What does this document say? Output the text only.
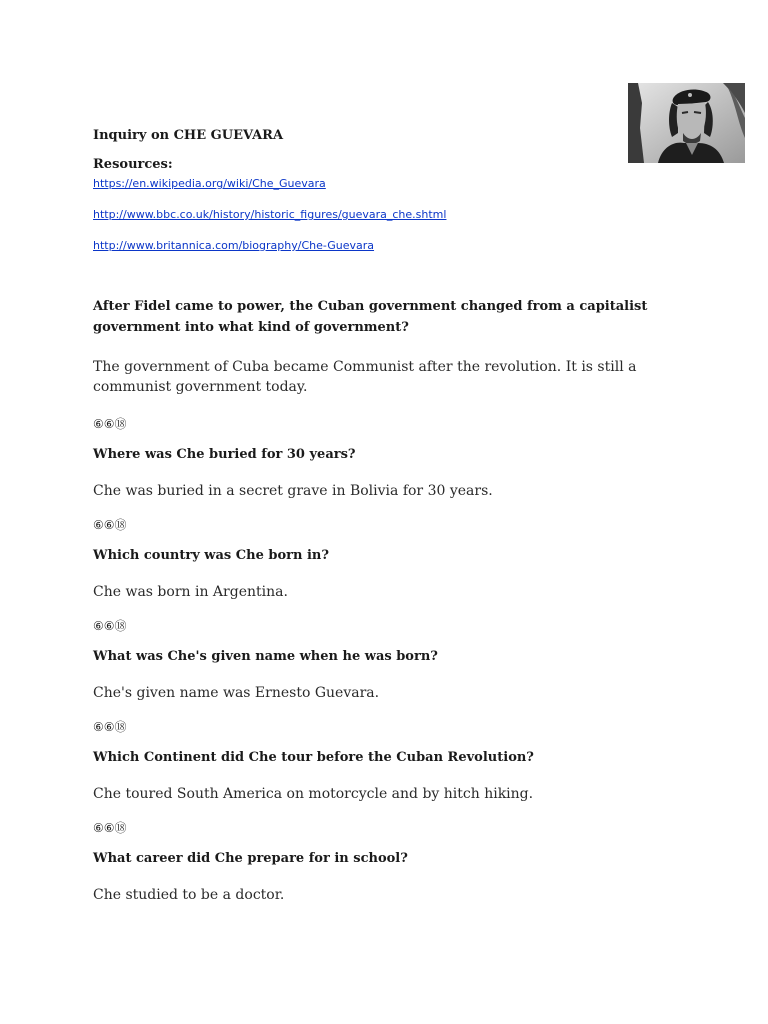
Inquiry on CHE GUEVARA

Resources:

https://en.wikipedia.org/wiki/Che_Guevara
http://www.bbc.co.uk/history/historic_figures/guevara_che.shtml
http://www.britannica.com/biography/Che-Guevara

After Fidel came to power, the Cuban government changed from a capitalist government into what kind of government?

The government of Cuba became Communist after the revolution. It is still a communist government today.

⑥⑥⑱

Where was Che buried for 30 years?

Che was buried in a secret grave in Bolivia for 30 years.

⑥⑥⑱

Which country was Che born in?

Che was born in Argentina.

⑥⑥⑱

What was Che's given name when he was born?

Che's given name was Ernesto Guevara.

⑥⑥⑱

Which Continent did Che tour before the Cuban Revolution?

Che toured South America on motorcycle and by hitch hiking.

⑥⑥⑱

What career did Che prepare for in school?

Che studied to be a doctor.
